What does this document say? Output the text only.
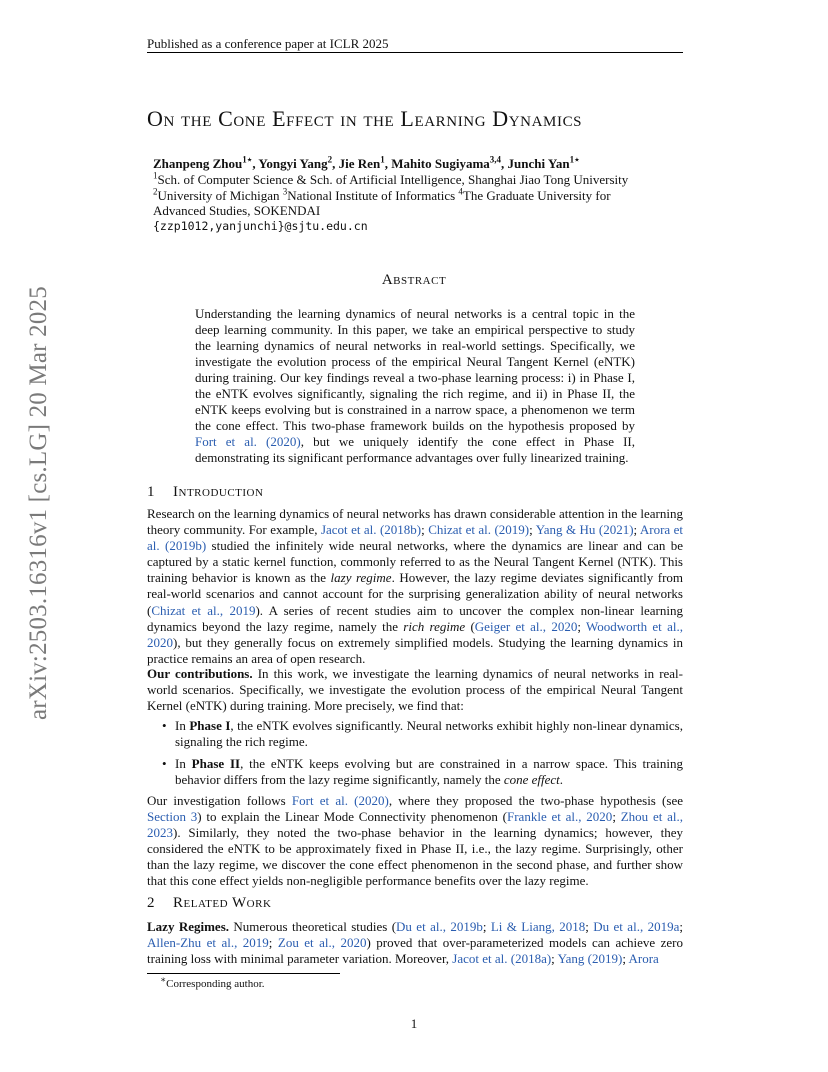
Published as a conference paper at ICLR 2025
arXiv:2503.16316v1 [cs.LG] 20 Mar 2025
On the Cone Effect in the Learning Dynamics
Zhanpeng Zhou$^{1⋆}$, Yongyi Yang$^2$, Jie Ren$^1$, Mahito Sugiyama$^{3,4}$, Junchi Yan$^{1⋆}$
$^1$Sch. of Computer Science & Sch. of Artificial Intelligence, Shanghai Jiao Tong University
$^2$University of Michigan $^3$National Institute of Informatics $^4$The Graduate University for
Advanced Studies, SOKENDAI
{zzp1012,yanjunchi}@sjtu.edu.cn
Abstract

Understanding the learning dynamics of neural networks is a central topic in the deep learning community. In this paper, we take an empirical perspective to study the learning dynamics of neural networks in real-world settings. Specifically, we investigate the evolution process of the empirical Neural Tangent Kernel (eNTK) during training. Our key findings reveal a two-phase learning process: i) in Phase I, the eNTK evolves significantly, signaling the rich regime, and ii) in Phase II, the eNTK keeps evolving but is constrained in a narrow space, a phenomenon we term the cone effect. This two-phase framework builds on the hypothesis proposed by Fort et al. (2020), but we uniquely identify the cone effect in Phase II, demonstrating its significant performance advantages over fully linearized training.

1 Introduction

Research on the learning dynamics of neural networks has drawn considerable attention in the learning theory community. For example, Jacot et al. (2018b); Chizat et al. (2019); Yang & Hu (2021); Arora et al. (2019b) studied the infinitely wide neural networks, where the dynamics are linear and can be captured by a static kernel function, commonly referred to as the Neural Tangent Kernel (NTK). This training behavior is known as the lazy regime. However, the lazy regime deviates significantly from real-world scenarios and cannot account for the surprising generalization ability of neural networks (Chizat et al., 2019). A series of recent studies aim to uncover the complex non-linear learning dynamics beyond the lazy regime, namely the rich regime (Geiger et al., 2020; Woodworth et al., 2020), but they generally focus on extremely simplified models. Studying the learning dynamics in practice remains an area of open research.

Our contributions. In this work, we investigate the learning dynamics of neural networks in real-world scenarios. Specifically, we investigate the evolution process of the empirical Neural Tangent Kernel (eNTK) during training. More precisely, we find that:

• In Phase I, the eNTK evolves significantly. Neural networks exhibit highly non-linear dynamics, signaling the rich regime.
• In Phase II, the eNTK keeps evolving but are constrained in a narrow space. This training behavior differs from the lazy regime significantly, namely the cone effect.

Our investigation follows Fort et al. (2020), where they proposed the two-phase hypothesis (see Section 3) to explain the Linear Mode Connectivity phenomenon (Frankle et al., 2020; Zhou et al., 2023). Similarly, they noted the two-phase behavior in the learning dynamics; however, they considered the eNTK to be approximately fixed in Phase II, i.e., the lazy regime. Surprisingly, other than the lazy regime, we discover the cone effect phenomenon in the second phase, and further show that this cone effect yields non-negligible performance benefits over the lazy regime.

2 Related Work

Lazy Regimes. Numerous theoretical studies (Du et al., 2019b; Li & Liang, 2018; Du et al., 2019a; Allen-Zhu et al., 2019; Zou et al., 2020) proved that over-parameterized models can achieve zero training loss with minimal parameter variation. Moreover, Jacot et al. (2018a); Yang (2019); Arora

∗Corresponding author.
1
